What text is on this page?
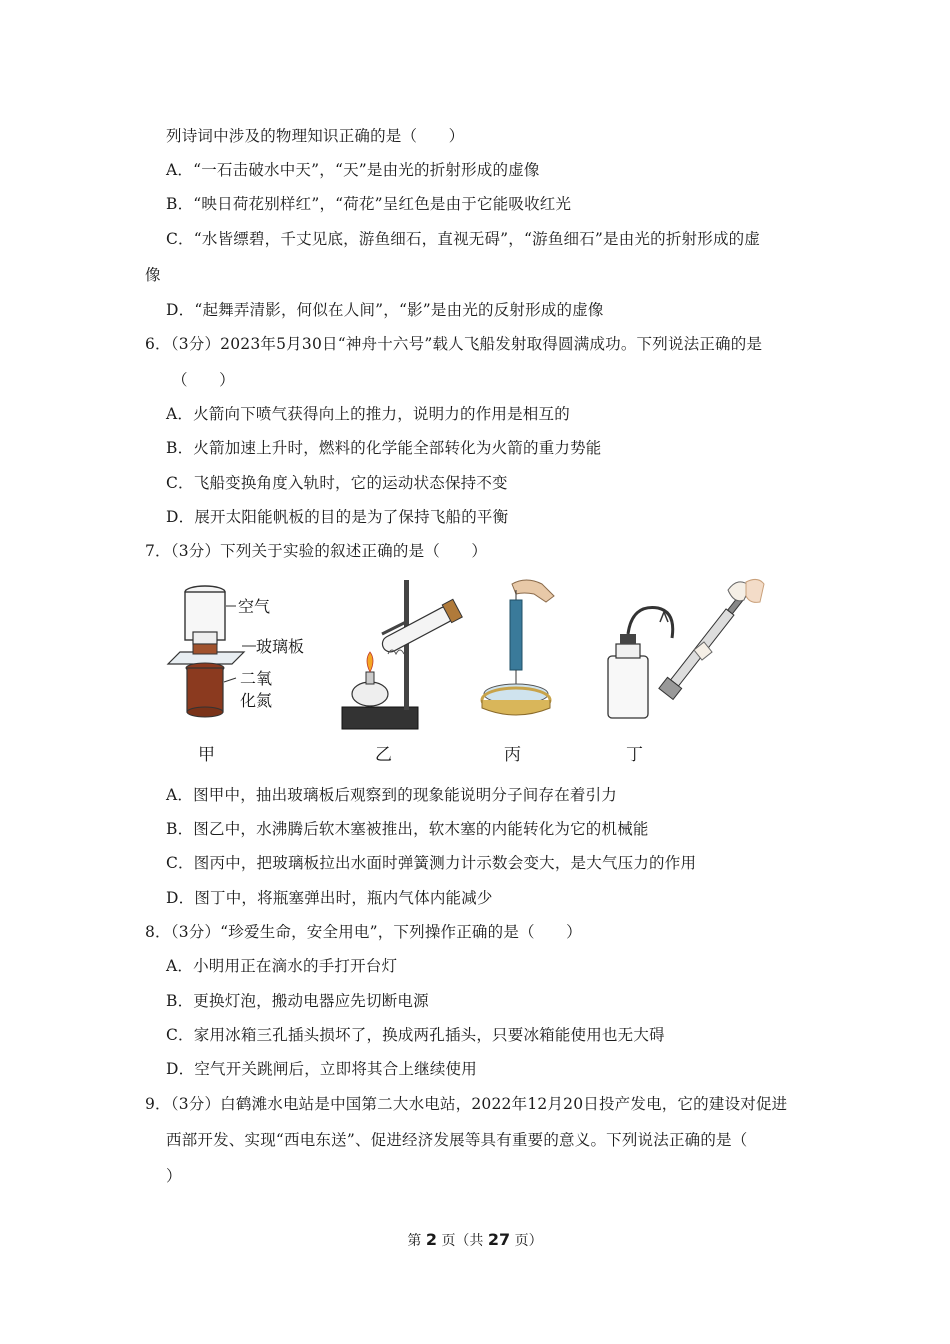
列诗词中涉及的物理知识正确的是（　　）
A．“一石击破水中天”，“天”是由光的折射形成的虚像
B．“映日荷花别样红”，“荷花”呈红色是由于它能吸收红光
C．“水皆缥碧，千丈见底，游鱼细石，直视无碍”，“游鱼细石”是由光的折射形成的虚
像
D．“起舞弄清影，何似在人间”，“影”是由光的反射形成的虚像
6．（3分）2023年5月30日“神舟十六号”载人飞船发射取得圆满成功。下列说法正确的是
（　　）
A．火箭向下喷气获得向上的推力，说明力的作用是相互的
B．火箭加速上升时，燃料的化学能全部转化为火箭的重力势能
C．飞船变换角度入轨时，它的运动状态保持不变
D．展开太阳能帆板的目的是为了保持飞船的平衡
7．（3分）下列关于实验的叙述正确的是（　　）
空气
玻璃板
二氧
化氮
甲	乙	丙	丁
A．图甲中，抽出玻璃板后观察到的现象能说明分子间存在着引力
B．图乙中，水沸腾后软木塞被推出，软木塞的内能转化为它的机械能
C．图丙中，把玻璃板拉出水面时弹簧测力计示数会变大，是大气压力的作用
D．图丁中，将瓶塞弹出时，瓶内气体内能减少
8．（3分）“珍爱生命，安全用电”，下列操作正确的是（　　）
A．小明用正在滴水的手打开台灯
B．更换灯泡，搬动电器应先切断电源
C．家用冰箱三孔插头损坏了，换成两孔插头，只要冰箱能使用也无大碍
D．空气开关跳闸后，立即将其合上继续使用
9．（3分）白鹤滩水电站是中国第二大水电站，2022年12月20日投产发电，它的建设对促进
西部开发、实现“西电东送”、促进经济发展等具有重要的意义。下列说法正确的是（
）
第 2 页（共 27 页）
